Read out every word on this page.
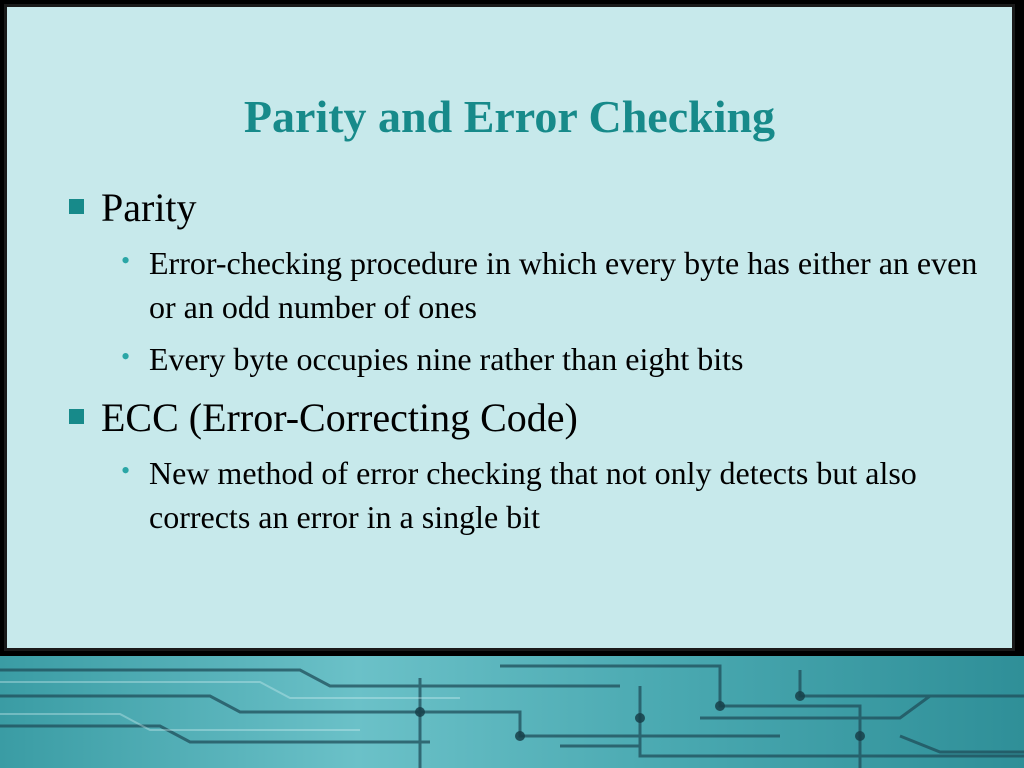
Parity and Error Checking
Parity
• Error-checking procedure in which every byte has either an even or an odd number of ones
• Every byte occupies nine rather than eight bits
ECC (Error-Correcting Code)
• New method of error checking that not only detects but also corrects an error in a single bit
